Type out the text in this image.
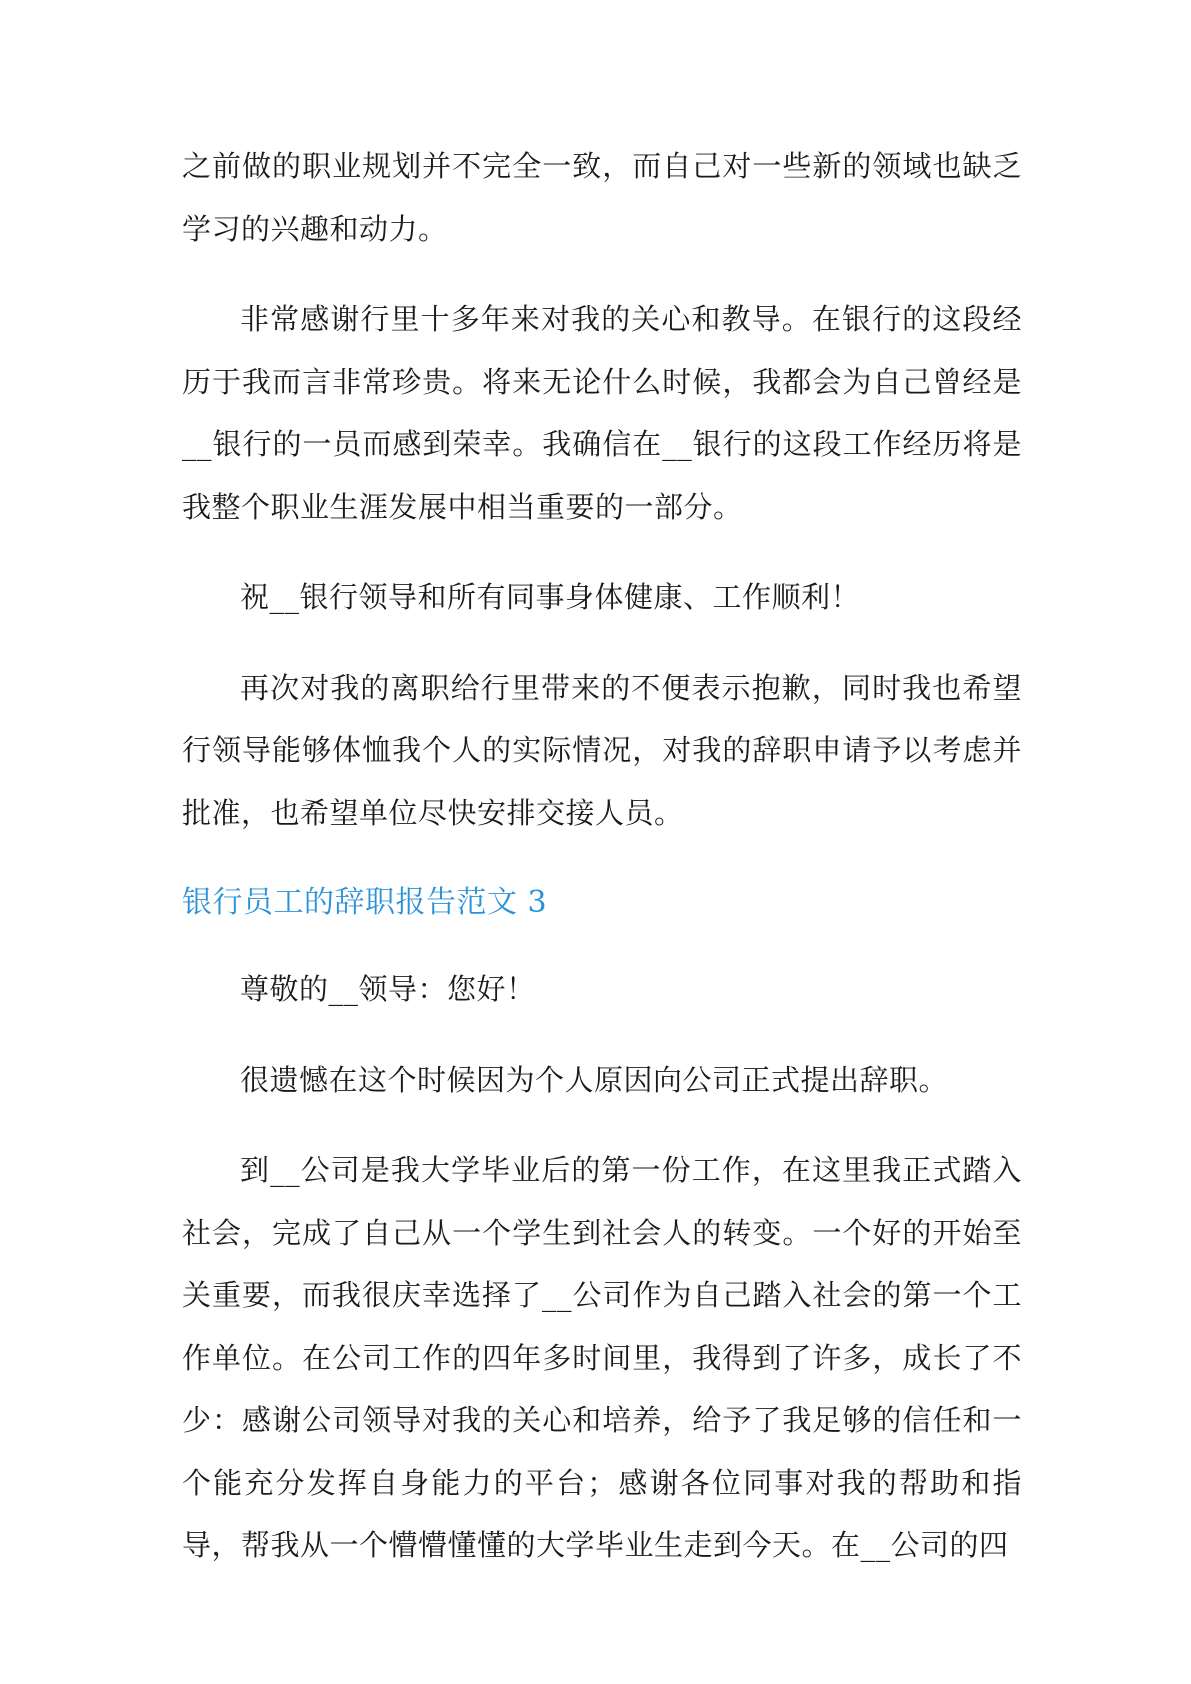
之前做的职业规划并不完全一致，而自己对一些新的领域也缺乏学习的兴趣和动力。

非常感谢行里十多年来对我的关心和教导。在银行的这段经历于我而言非常珍贵。将来无论什么时候，我都会为自己曾经是__银行的一员而感到荣幸。我确信在__银行的这段工作经历将是我整个职业生涯发展中相当重要的一部分。

祝__银行领导和所有同事身体健康、工作顺利！

再次对我的离职给行里带来的不便表示抱歉，同时我也希望行领导能够体恤我个人的实际情况，对我的辞职申请予以考虑并批准，也希望单位尽快安排交接人员。

银行员工的辞职报告范文 3

尊敬的__领导：您好！

很遗憾在这个时候因为个人原因向公司正式提出辞职。

到__公司是我大学毕业后的第一份工作，在这里我正式踏入社会，完成了自己从一个学生到社会人的转变。一个好的开始至关重要，而我很庆幸选择了__公司作为自己踏入社会的第一个工作单位。在公司工作的四年多时间里，我得到了许多，成长了不少：感谢公司领导对我的关心和培养，给予了我足够的信任和一个能充分发挥自身能力的平台；感谢各位同事对我的帮助和指导，帮我从一个懵懵懂懂的大学毕业生走到今天。在__公司的四
